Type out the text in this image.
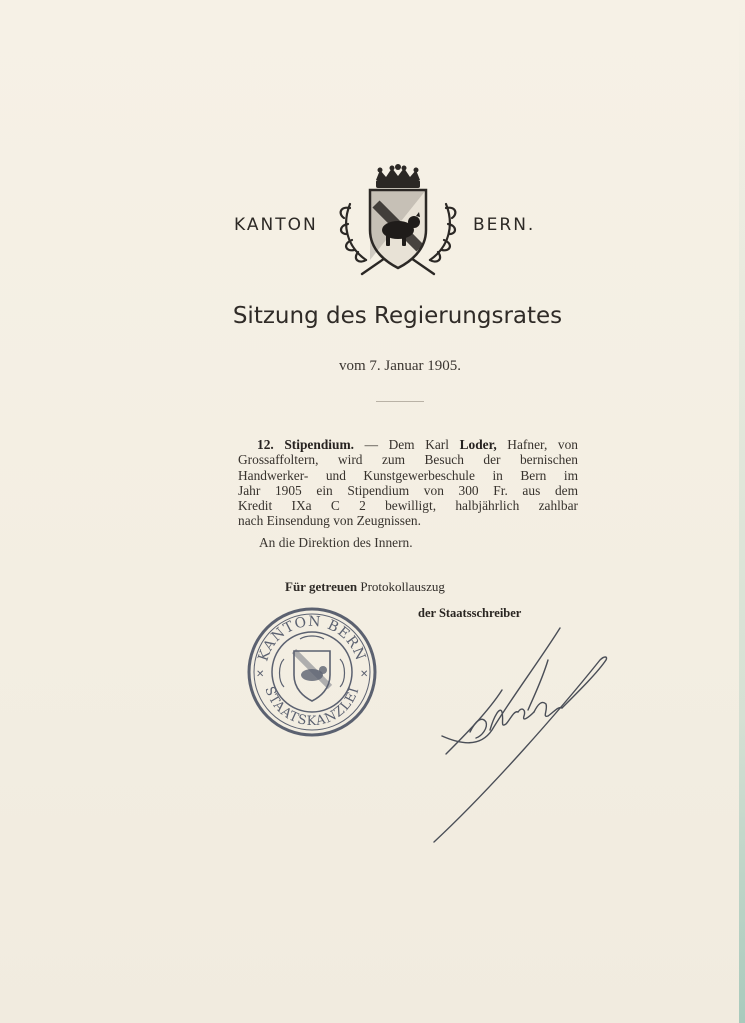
KANTON	BERN.
Sitzung des Regierungsrates
vom 7. Januar 1905.
12. Stipendium. — Dem Karl Loder, Hafner, von
Grossaffoltern, wird zum Besuch der bernischen
Handwerker- und Kunstgewerbeschule in Bern im
Jahr 1905 ein Stipendium von 300 Fr. aus dem
Kredit IXa C 2 bewilligt, halbjährlich zahlbar
nach Einsendung von Zeugnissen.
An die Direktion des Innern.
Für getreuen Protokollauszug
der Staatsschreiber
KANTON BERN
STAATSKANZLEI
✕	✕
